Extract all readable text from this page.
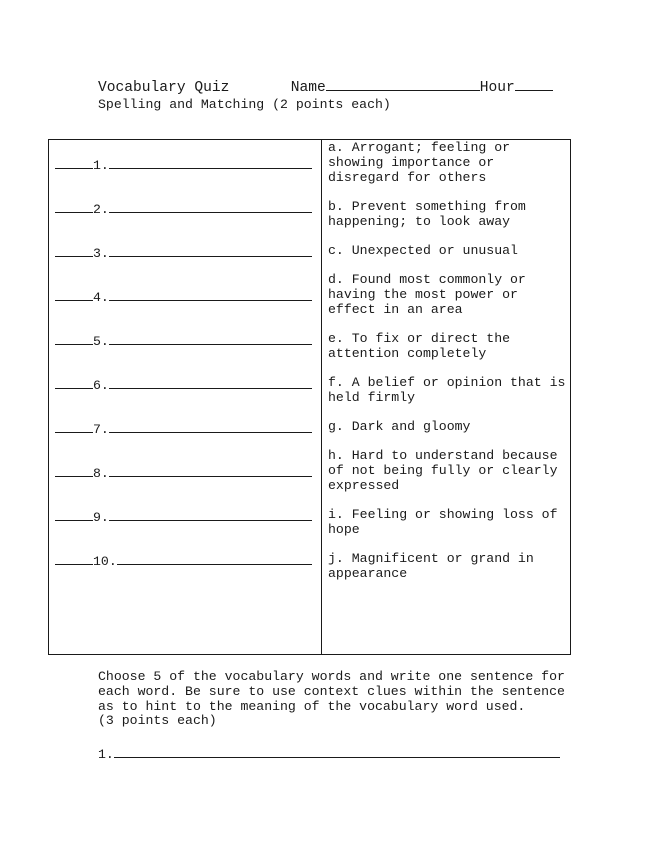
Vocabulary Quiz	Name	Hour
Spelling and Matching (2 points each)
1.
2.
3.
4.
5.
6.
7.
8.
9.
10.
a. Arrogant; feeling or showing importance or disregard for others
b. Prevent something from happening; to look away
c. Unexpected or unusual
d. Found most commonly or having the most power or effect in an area
e. To fix or direct the attention completely
f. A belief or opinion that is held firmly
g. Dark and gloomy
h. Hard to understand because of not being fully or clearly expressed
i. Feeling or showing loss of hope
j. Magnificent or grand in appearance
Choose 5 of the vocabulary words and write one sentence for each word. Be sure to use context clues within the sentence as to hint to the meaning of the vocabulary word used.
(3 points each)
1.
